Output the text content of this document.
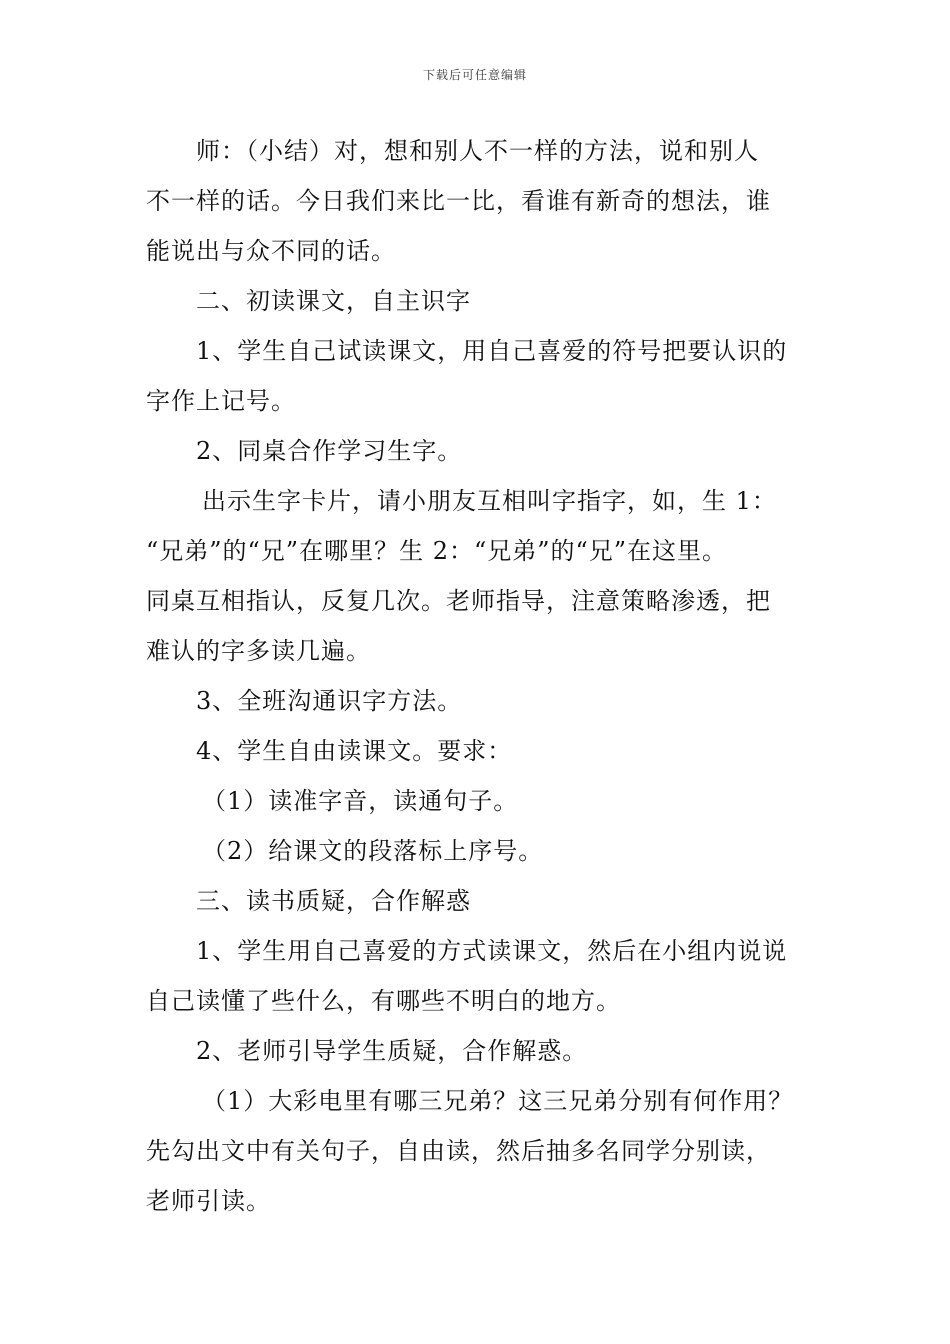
下载后可任意编辑
师：（小结）对，想和别人不一样的方法，说和别人
不一样的话。今日我们来比一比，看谁有新奇的想法，谁
能说出与众不同的话。
二、初读课文，自主识字
1、学生自己试读课文，用自己喜爱的符号把要认识的
字作上记号。
2、同桌合作学习生字。
出示生字卡片，请小朋友互相叫字指字，如，生 1：
“兄弟”的“兄”在哪里？生 2：“兄弟”的“兄”在这里。
同桌互相指认，反复几次。老师指导，注意策略渗透，把
难认的字多读几遍。
3、全班沟通识字方法。
4、学生自由读课文。要求：
（1）读准字音，读通句子。
（2）给课文的段落标上序号。
三、读书质疑，合作解惑
1、学生用自己喜爱的方式读课文，然后在小组内说说
自己读懂了些什么，有哪些不明白的地方。
2、老师引导学生质疑，合作解惑。
（1）大彩电里有哪三兄弟？这三兄弟分别有何作用？
先勾出文中有关句子，自由读，然后抽多名同学分别读，
老师引读。
